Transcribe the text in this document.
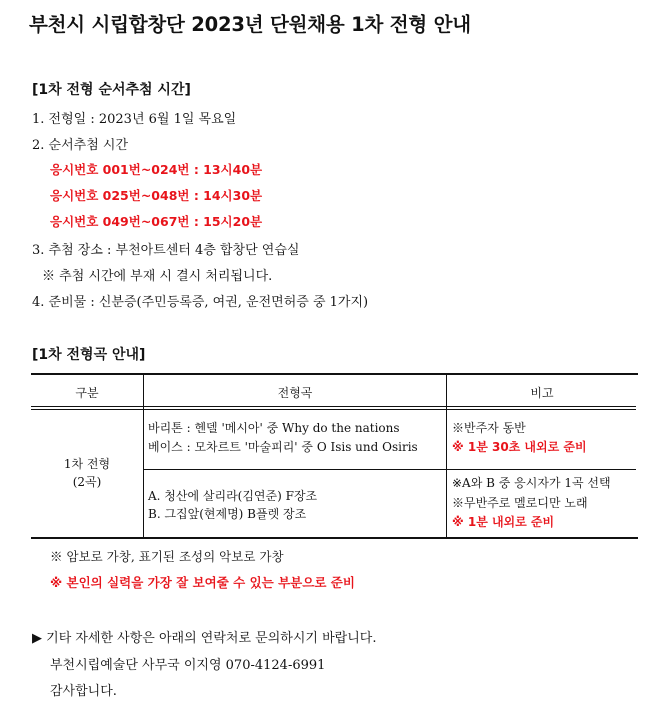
부천시 시립합창단 2023년 단원채용 1차 전형 안내
[1차 전형 순서추첨 시간]
1. 전형일 : 2023년 6월 1일 목요일
2. 순서추첨 시간
응시번호 001번~024번 : 13시40분
응시번호 025번~048번 : 14시30분
응시번호 049번~067번 : 15시20분
3. 추첨 장소 : 부천아트센터 4층 합창단 연습실
※ 추첨 시간에 부재 시 결시 처리됩니다.
4. 준비물 : 신분증(주민등록증, 여권, 운전면허증 중 1가지)
[1차 전형곡 안내]
구분	전형곡	비고
1차 전형
(2곡)
바리톤 : 헨델 '메시아' 중 Why do the nations
베이스 : 모차르트 '마술피리' 중 O Isis und Osiris
※반주자 동반
※ 1분 30초 내외로 준비
A. 청산에 살리라(김연준) F장조
B. 그집앞(현제명) B플렛 장조
※A와 B 중 응시자가 1곡 선택
※무반주로 멜로디만 노래
※ 1분 내외로 준비
※ 암보로 가창, 표기된 조성의 악보로 가창
※ 본인의 실력을 가장 잘 보여줄 수 있는 부분으로 준비
▶ 기타 자세한 사항은 아래의 연락처로 문의하시기 바랍니다.
부천시립예술단 사무국 이지영 070-4124-6991
감사합니다.
